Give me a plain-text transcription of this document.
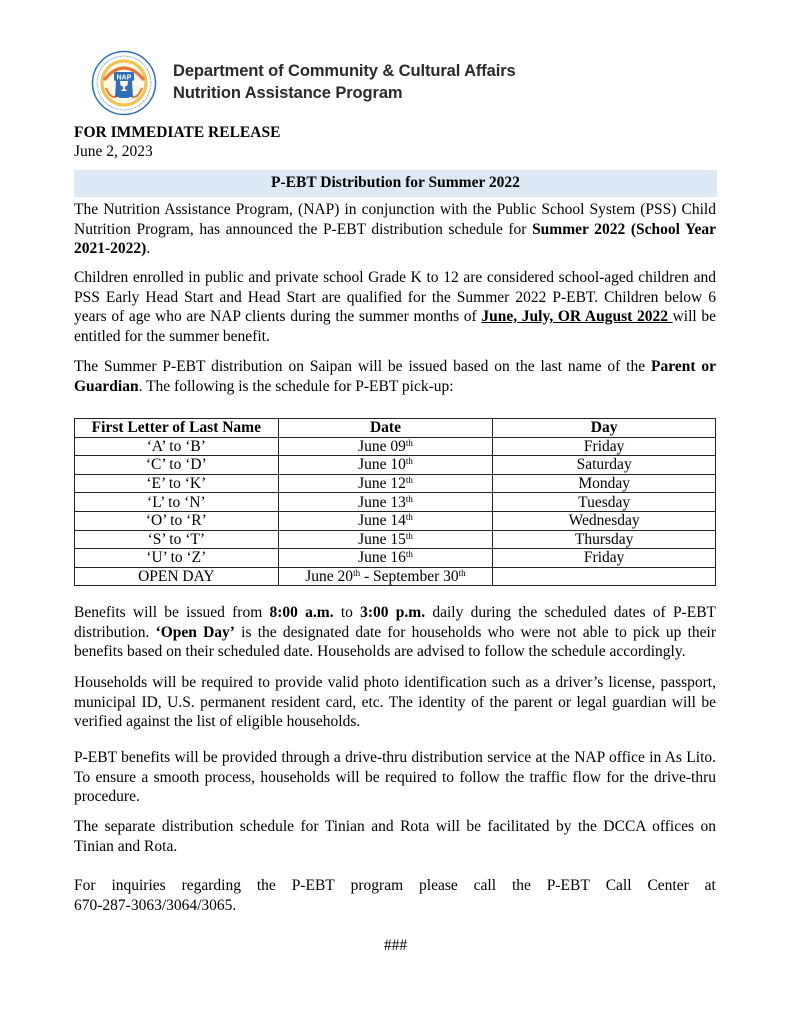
NAP	Department of Community & Cultural Affairs
Nutrition Assistance Program
FOR IMMEDIATE RELEASE
June 2, 2023
P-EBT Distribution for Summer 2022
The Nutrition Assistance Program, (NAP) in conjunction with the Public School System (PSS) Child Nutrition Program, has announced the P-EBT distribution schedule for Summer 2022 (School Year 2021-2022).
Children enrolled in public and private school Grade K to 12 are considered school-aged children and PSS Early Head Start and Head Start are qualified for the Summer 2022 P-EBT. Children below 6 years of age who are NAP clients during the summer months of June, July, OR August 2022 will be entitled for the summer benefit.
The Summer P-EBT distribution on Saipan will be issued based on the last name of the Parent or Guardian. The following is the schedule for P-EBT pick-up:
First Letter of Last Name	Date	Day
‘A’ to ‘B’	June 09th	Friday
‘C’ to ‘D’	June 10th	Saturday
‘E’ to ‘K’	June 12th	Monday
‘L’ to ‘N’	June 13th	Tuesday
‘O’ to ‘R’	June 14th	Wednesday
‘S’ to ‘T’	June 15th	Thursday
‘U’ to ‘Z’	June 16th	Friday
OPEN DAY	June 20th - September 30th	
Benefits will be issued from 8:00 a.m. to 3:00 p.m. daily during the scheduled dates of P-EBT distribution. ‘Open Day’ is the designated date for households who were not able to pick up their benefits based on their scheduled date. Households are advised to follow the schedule accordingly.
Households will be required to provide valid photo identification such as a driver’s license, passport, municipal ID, U.S. permanent resident card, etc. The identity of the parent or legal guardian will be verified against the list of eligible households.
P-EBT benefits will be provided through a drive-thru distribution service at the NAP office in As Lito. To ensure a smooth process, households will be required to follow the traffic flow for the drive-thru procedure.
The separate distribution schedule for Tinian and Rota will be facilitated by the DCCA offices on Tinian and Rota.
For inquiries regarding the P-EBT program please call the P-EBT Call Center at
670-287-3063/3064/3065.
###
